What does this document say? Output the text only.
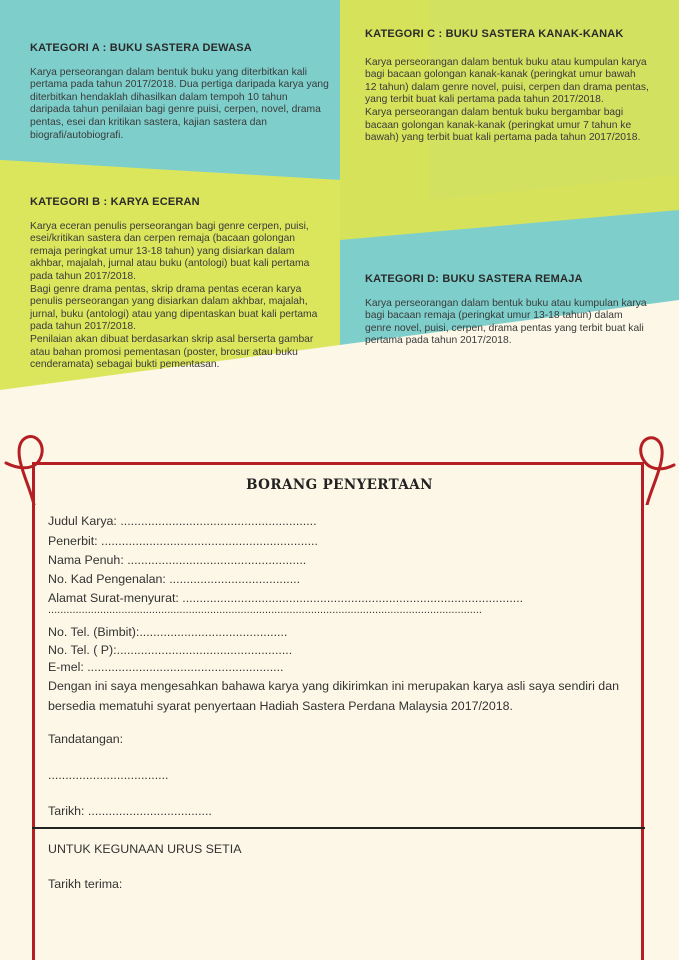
KATEGORI A : BUKU SASTERA DEWASA

Karya perseorangan dalam bentuk buku yang diterbitkan kali pertama pada tahun 2017/2018. Dua pertiga daripada karya yang diterbitkan hendaklah dihasilkan dalam tempoh 10 tahun daripada tahun penilaian bagi genre puisi, cerpen, novel, drama pentas, esei dan kritikan sastera, kajian sastera dan biografi/autobiografi.

KATEGORI B : KARYA ECERAN

Karya eceran penulis perseorangan bagi genre cerpen, puisi, esei/kritikan sastera dan cerpen remaja (bacaan golongan remaja peringkat umur 13-18 tahun) yang disiarkan dalam akhbar, majalah, jurnal atau buku (antologi) buat kali pertama pada tahun 2017/2018.

Bagi genre drama pentas, skrip drama pentas eceran karya penulis perseorangan yang disiarkan dalam akhbar, majalah, jurnal, buku (antologi) atau yang dipentaskan buat kali pertama pada tahun 2017/2018.

Penilaian akan dibuat berdasarkan skrip asal berserta gambar atau bahan promosi pementasan (poster, brosur atau buku cenderamata) sebagai bukti pementasan.

KATEGORI C : BUKU SASTERA KANAK-KANAK

Karya perseorangan dalam bentuk buku atau kumpulan karya bagi bacaan golongan kanak-kanak (peringkat umur bawah 12 tahun) dalam genre novel, puisi, cerpen dan drama pentas, yang terbit buat kali pertama pada tahun 2017/2018.

Karya perseorangan dalam bentuk buku bergambar bagi bacaan golongan kanak-kanak (peringkat umur 7 tahun ke bawah) yang terbit buat kali pertama pada tahun 2017/2018.

KATEGORI D: BUKU SASTERA REMAJA

Karya perseorangan dalam bentuk buku atau kumpulan karya bagi bacaan remaja (peringkat umur 13-18 tahun) dalam genre novel, puisi, cerpen, drama pentas yang terbit buat kali pertama pada tahun 2017/2018.

BORANG PENYERTAAN
Judul Karya: .........................................................
Penerbit: ...............................................................
Nama Penuh: ....................................................
No. Kad Pengenalan: ......................................
Alamat Surat-menyurat: ...................................................................................................
..............................................................................................................................................
No. Tel. (Bimbit):...........................................
No. Tel. ( P):...................................................
E-mel: .........................................................
Dengan ini saya mengesahkan bahawa karya yang dikirimkan ini merupakan karya asli saya sendiri dan bersedia mematuhi syarat penyertaan Hadiah Sastera Perdana Malaysia 2017/2018.
Tandatangan:
...................................
Tarikh: ....................................
UNTUK KEGUNAAN URUS SETIA
Tarikh terima:
